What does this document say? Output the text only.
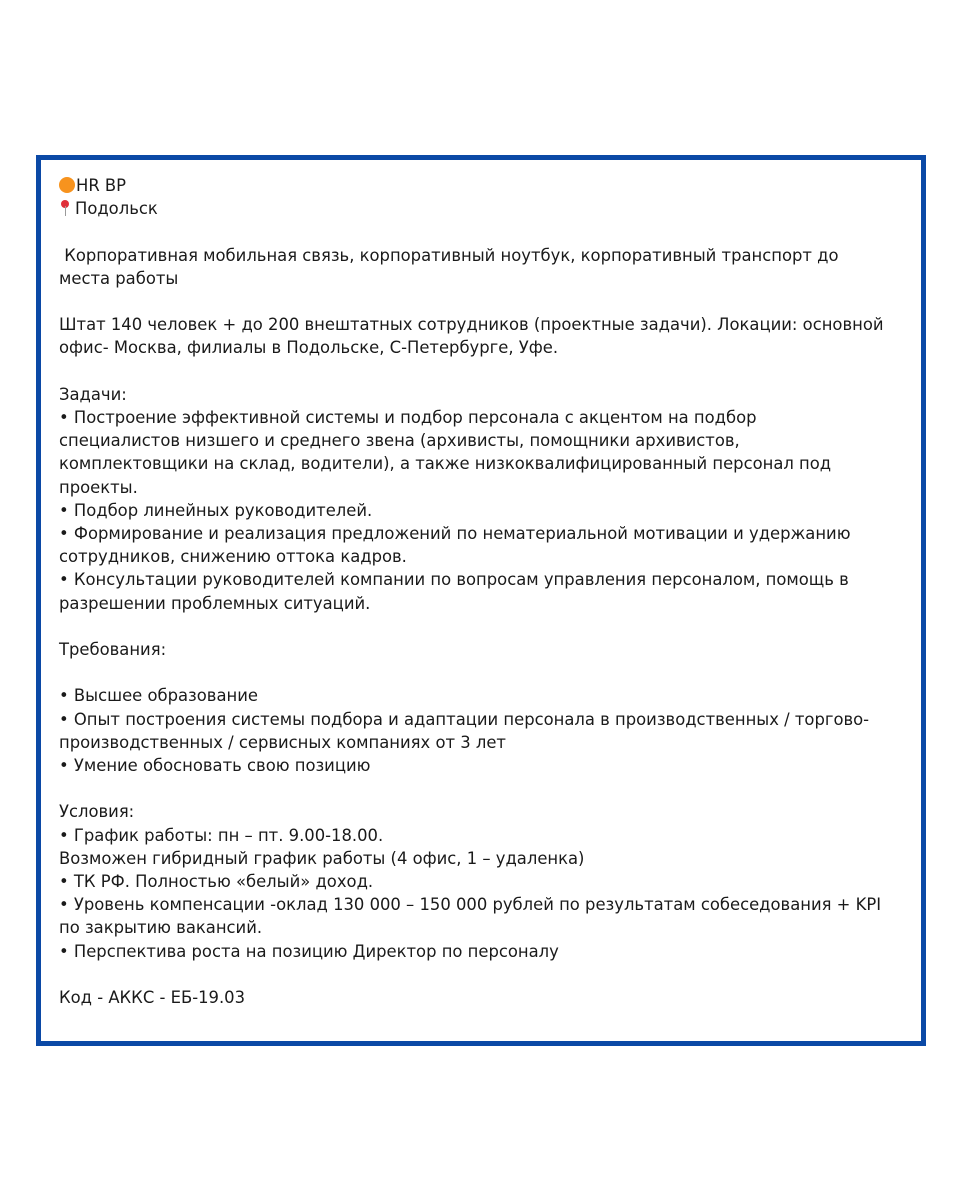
HR BP
Подольск
Корпоративная мобильная связь, корпоративный ноутбук, корпоративный транспорт до
места работы
Штат 140 человек + до 200 внештатных сотрудников (проектные задачи). Локации: основной
офис- Москва, филиалы в Подольске, С-Петербурге, Уфе.
Задачи:
• Построение эффективной системы и подбор персонала с акцентом на подбор
специалистов низшего и среднего звена (архивисты, помощники архивистов,
комплектовщики на склад, водители), а также низкоквалифицированный персонал под
проекты.
• Подбор линейных руководителей.
• Формирование и реализация предложений по нематериальной мотивации и удержанию
сотрудников, снижению оттока кадров.
• Консультации руководителей компании по вопросам управления персоналом, помощь в
разрешении проблемных ситуаций.
Требования:
• Высшее образование
• Опыт построения системы подбора и адаптации персонала в производственных / торгово-
производственных / сервисных компаниях от 3 лет
• Умение обосновать свою позицию
Условия:
• График работы: пн – пт. 9.00-18.00.
Возможен гибридный график работы (4 офис, 1 – удаленка)
• ТК РФ. Полностью «белый» доход.
• Уровень компенсации -оклад 130 000 – 150 000 рублей по результатам собеседования + KPI
по закрытию вакансий.
• Перспектива роста на позицию Директор по персоналу
Код - АККС - ЕБ-19.03
